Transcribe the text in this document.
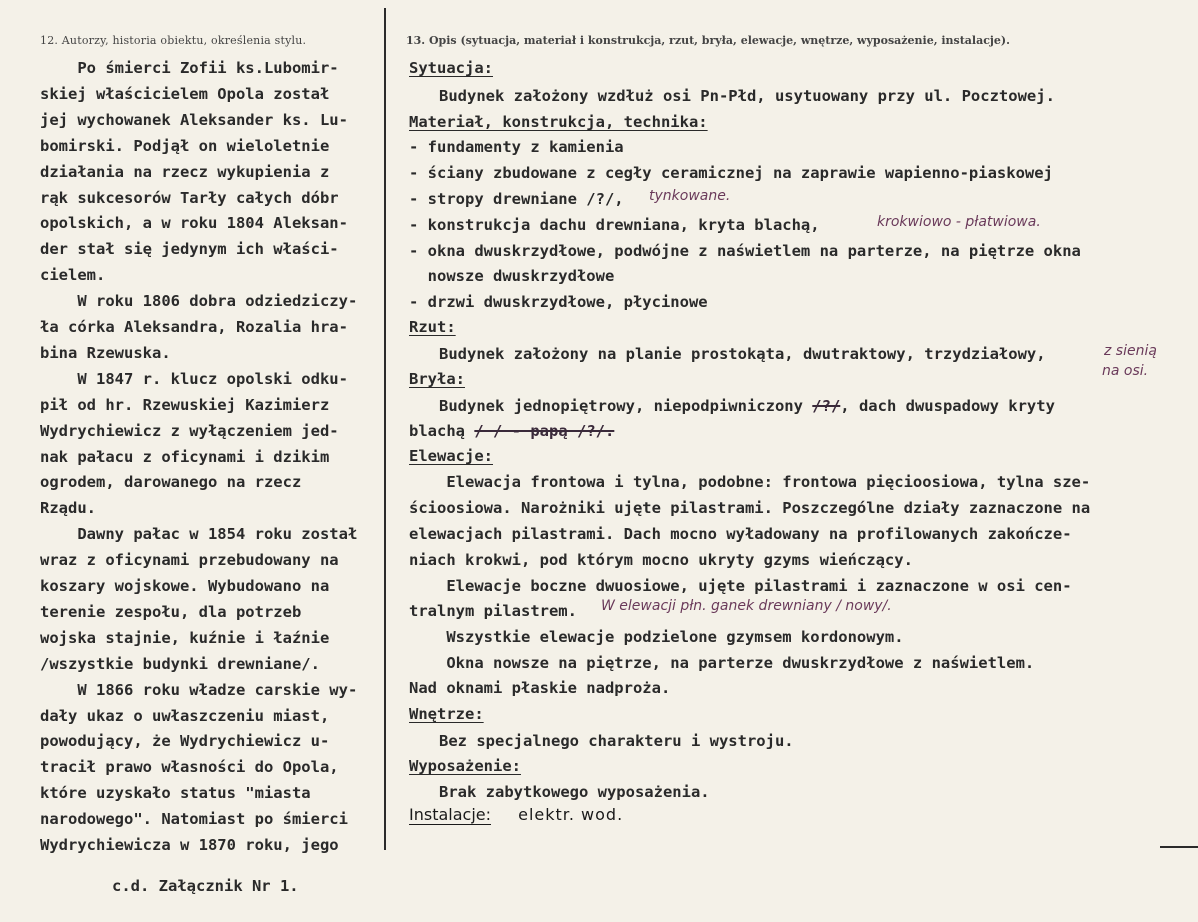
12. Autorzy, historia obiektu, określenia stylu.	13. Opis (sytuacja, materiał i konstrukcja, rzut, bryła, elewacje, wnętrze, wyposażenie, instalacje).
Po śmierci Zofii ks.Lubomir-
skiej właścicielem Opola został
jej wychowanek Aleksander ks. Lu-
bomirski. Podjął on wieloletnie
działania na rzecz wykupienia z
rąk sukcesorów Tarły całych dóbr
opolskich, a w roku 1804 Aleksan-
der stał się jedynym ich właści-
cielem.
W roku 1806 dobra odziedziczy-
ła córka Aleksandra, Rozalia hra-
bina Rzewuska.
W 1847 r. klucz opolski odku-
pił od hr. Rzewuskiej Kazimierz
Wydrychiewicz z wyłączeniem jed-
nak pałacu z oficynami i dzikim
ogrodem, darowanego na rzecz
Rządu.
Dawny pałac w 1854 roku został
wraz z oficynami przebudowany na
koszary wojskowe. Wybudowano na
terenie zespołu, dla potrzeb
wojska stajnie, kuźnie i łaźnie
/wszystkie budynki drewniane/.
W 1866 roku władze carskie wy-
dały ukaz o uwłaszczeniu miast,
powodujący, że Wydrychiewicz u-
tracił prawo własności do Opola,
które uzyskało status "miasta
narodowego". Natomiast po śmierci
Wydrychiewicza w 1870 roku, jego
Sytuacja:
Budynek założony wzdłuż osi Pn-Płd, usytuowany przy ul. Pocztowej.
Materiał, konstrukcja, technika:
- fundamenty z kamienia
- ściany zbudowane z cegły ceramicznej na zaprawie wapienno-piaskowej
- stropy drewniane /?/, tynkowane.
- konstrukcja dachu drewniana, kryta blachą,	krokwiowo - płatwiowa.
- okna dwuskrzydłowe, podwójne z naświetlem na parterze, na piętrze okna
nowsze dwuskrzydłowe
- drzwi dwuskrzydłowe, płycinowe
Rzut:
Budynek założony na planie prostokąta, dwutraktowy, trzydziałowy,	z sienią
na osi.
Bryła:
Budynek jednopiętrowy, niepodpiwniczony /?/, dach dwuspadowy kryty
blachą / / - papą /?/.
Elewacje:
Elewacja frontowa i tylna, podobne: frontowa pięcioosiowa, tylna sze-
ścioosiowa. Narożniki ujęte pilastrami. Poszczególne działy zaznaczone na
elewacjach pilastrami. Dach mocno wyładowany na profilowanych zakończe-
niach krokwi, pod którym mocno ukryty gzyms wieńczący.
Elewacje boczne dwuosiowe, ujęte pilastrami i zaznaczone w osi cen-
tralnym pilastrem. W elewacji płn. ganek drewniany / nowy/.
Wszystkie elewacje podzielone gzymsem kordonowym.
Okna nowsze na piętrze, na parterze dwuskrzydłowe z naświetlem.
Nad oknami płaskie nadproża.
Wnętrze:
Bez specjalnego charakteru i wystroju.
Wyposażenie:
Brak zabytkowego wyposażenia.
Instalacje: elektr. wod.
c.d. Załącznik Nr 1.
